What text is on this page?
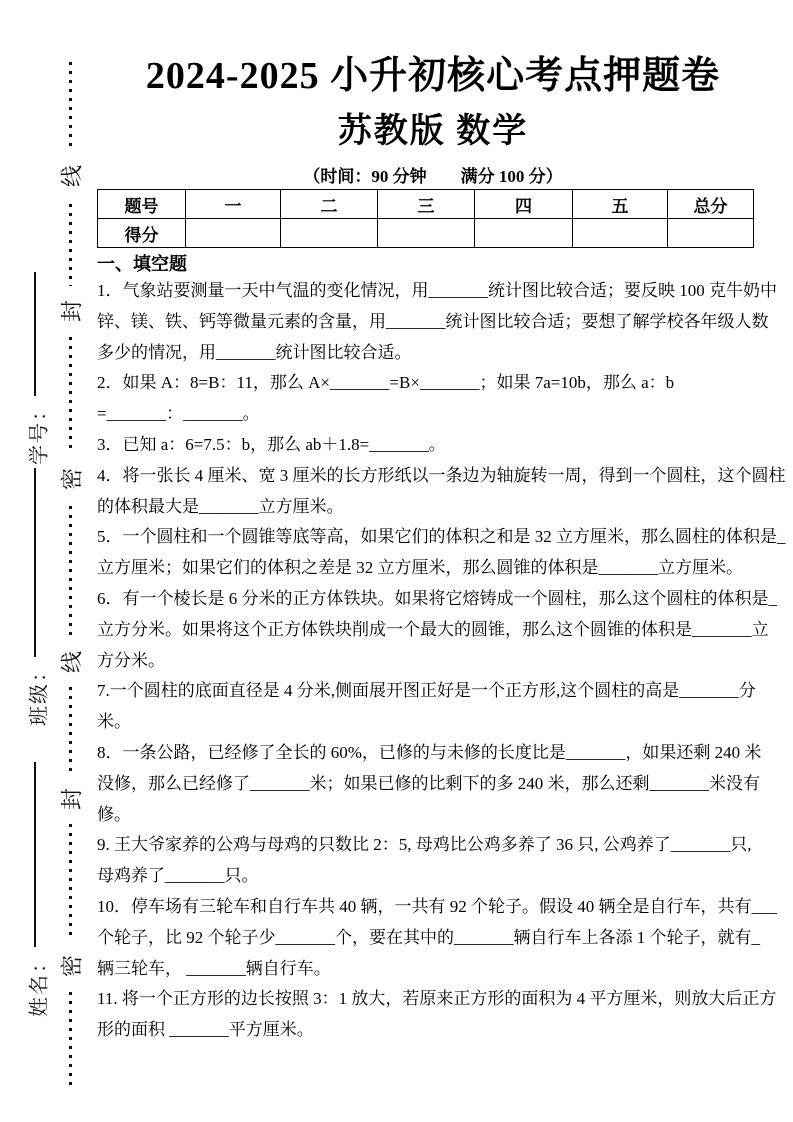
线
封
密
线
封
密
学号：
班级：
姓名：
2024-2025 小升初核心考点押题卷
苏教版 数学
（时间：90 分钟　　满分 100 分）
题号	一	二	三	四	五	总分
得分						
一、填空题
1．气象站要测量一天中气温的变化情况，用_______统计图比较合适；要反映 100 克牛奶中
锌、镁、铁、钙等微量元素的含量，用_______统计图比较合适；要想了解学校各年级人数
多少的情况，用_______统计图比较合适。
2．如果 A：8=B：11，那么 A×_______=B×_______；如果 7a=10b，那么 a：b
=_______：_______。
3．已知 a：6=7.5：b，那么 ab＋1.8=_______。
4．将一张长 4 厘米、宽 3 厘米的长方形纸以一条边为轴旋转一周，得到一个圆柱，这个圆柱
的体积最大是_______立方厘米。
5．一个圆柱和一个圆锥等底等高，如果它们的体积之和是 32 立方厘米，那么圆柱的体积是_
立方厘米；如果它们的体积之差是 32 立方厘米，那么圆锥的体积是_______立方厘米。
6．有一个棱长是 6 分米的正方体铁块。如果将它熔铸成一个圆柱，那么这个圆柱的体积是_
立方分米。如果将这个正方体铁块削成一个最大的圆锥，那么这个圆锥的体积是_______立
方分米。
7.一个圆柱的底面直径是 4 分米,侧面展开图正好是一个正方形,这个圆柱的高是_______分
米。
8．一条公路，已经修了全长的 60%，已修的与未修的长度比是_______，如果还剩 240 米
没修，那么已经修了_______米；如果已修的比剩下的多 240 米，那么还剩_______米没有
修。
9. 王大爷家养的公鸡与母鸡的只数比 2：5, 母鸡比公鸡多养了 36 只, 公鸡养了_______只,
母鸡养了_______只。
10．停车场有三轮车和自行车共 40 辆，一共有 92 个轮子。假设 40 辆全是自行车，共有___
个轮子，比 92 个轮子少_______个，要在其中的_______辆自行车上各添 1 个轮子，就有_
辆三轮车， _______辆自行车。
11. 将一个正方形的边长按照 3：1 放大，若原来正方形的面积为 4 平方厘米，则放大后正方
形的面积 _______平方厘米。
